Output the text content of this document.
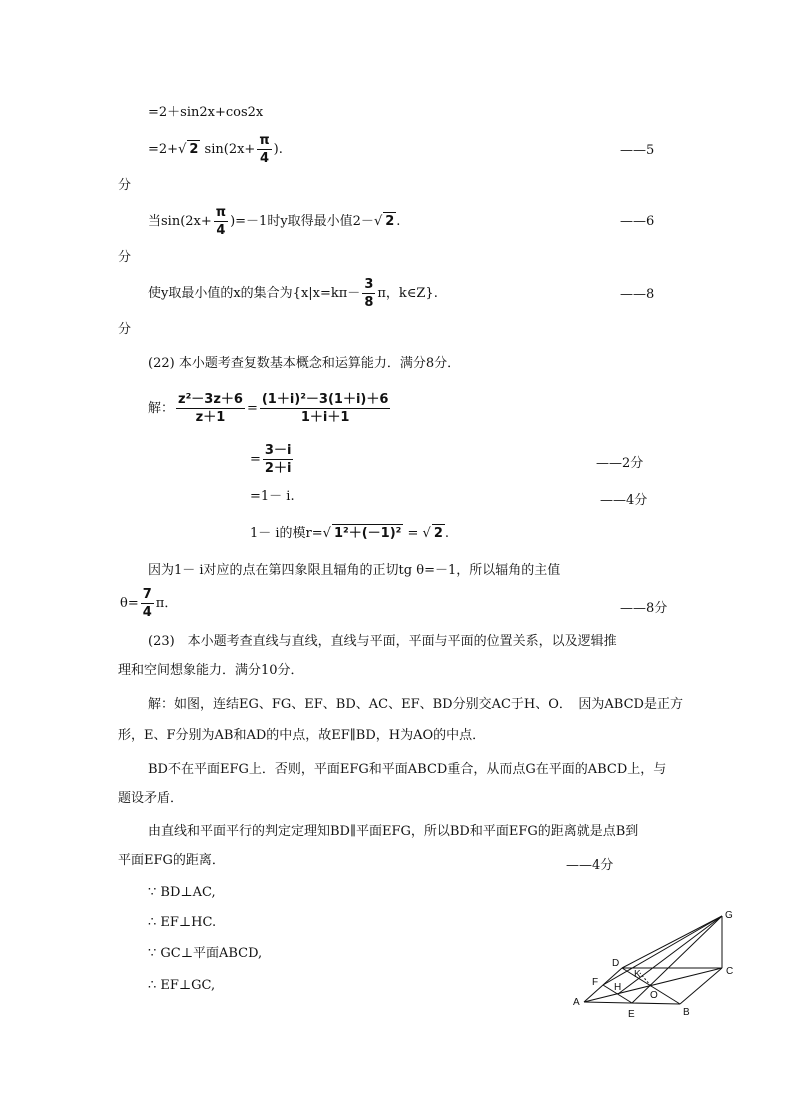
=2＋sin2x+cos2x
=2+√ 2 $\sin(2x+ \frac{\pi}{4}$ ).	——5
分
当$\sin(2x+ \frac{\pi}{4} )=-1$时y取得最小值2－√ 2 .	——6
分
使y取最小值的x的集合为{$x|x=k\pi- \frac{3}{8}$ π，k∈Z}.	——8
分
(22) 本小题考查复数基本概念和运算能力．满分8分．
解： $\frac{\text{z²－3z＋6}}{z+1} = \frac{\text{(1＋i)²－3(1＋i)＋6}}{1+i+1}$
= $\frac{3-i}{2+i}$	——2分
=1－ i.	——4分
1－ i的模r=√ 1²＋(－1)² = √ 2 .
因为1－ i对应的点在第四象限且辐角的正切tg θ=－1，所以辐角的主值
$\theta= \frac{7}{4}$ π．	——8分
(23)　本小题考查直线与直线，直线与平面，平面与平面的位置关系，以及逻辑推
理和空间想象能力．满分10分．
解：如图，连结EG、FG、EF、BD、AC、EF、BD分别交AC于H、O．　因为ABCD是正方
形，E、F分别为AB和AD的中点，故EF∥BD，H为AO的中点．
BD不在平面EFG上．否则，平面EFG和平面ABCD重合，从而点G在平面的ABCD上，与
题设矛盾．
由直线和平面平行的判定定理知BD∥平面EFG，所以BD和平面EFG的距离就是点B到
平面EFG的距离．	——4分
∵ BD⊥AC,
∴ EF⊥HC.
∵ GC⊥平面ABCD,
∴ EF⊥GC,
G
C
D
K
F H
O
A
E	B
